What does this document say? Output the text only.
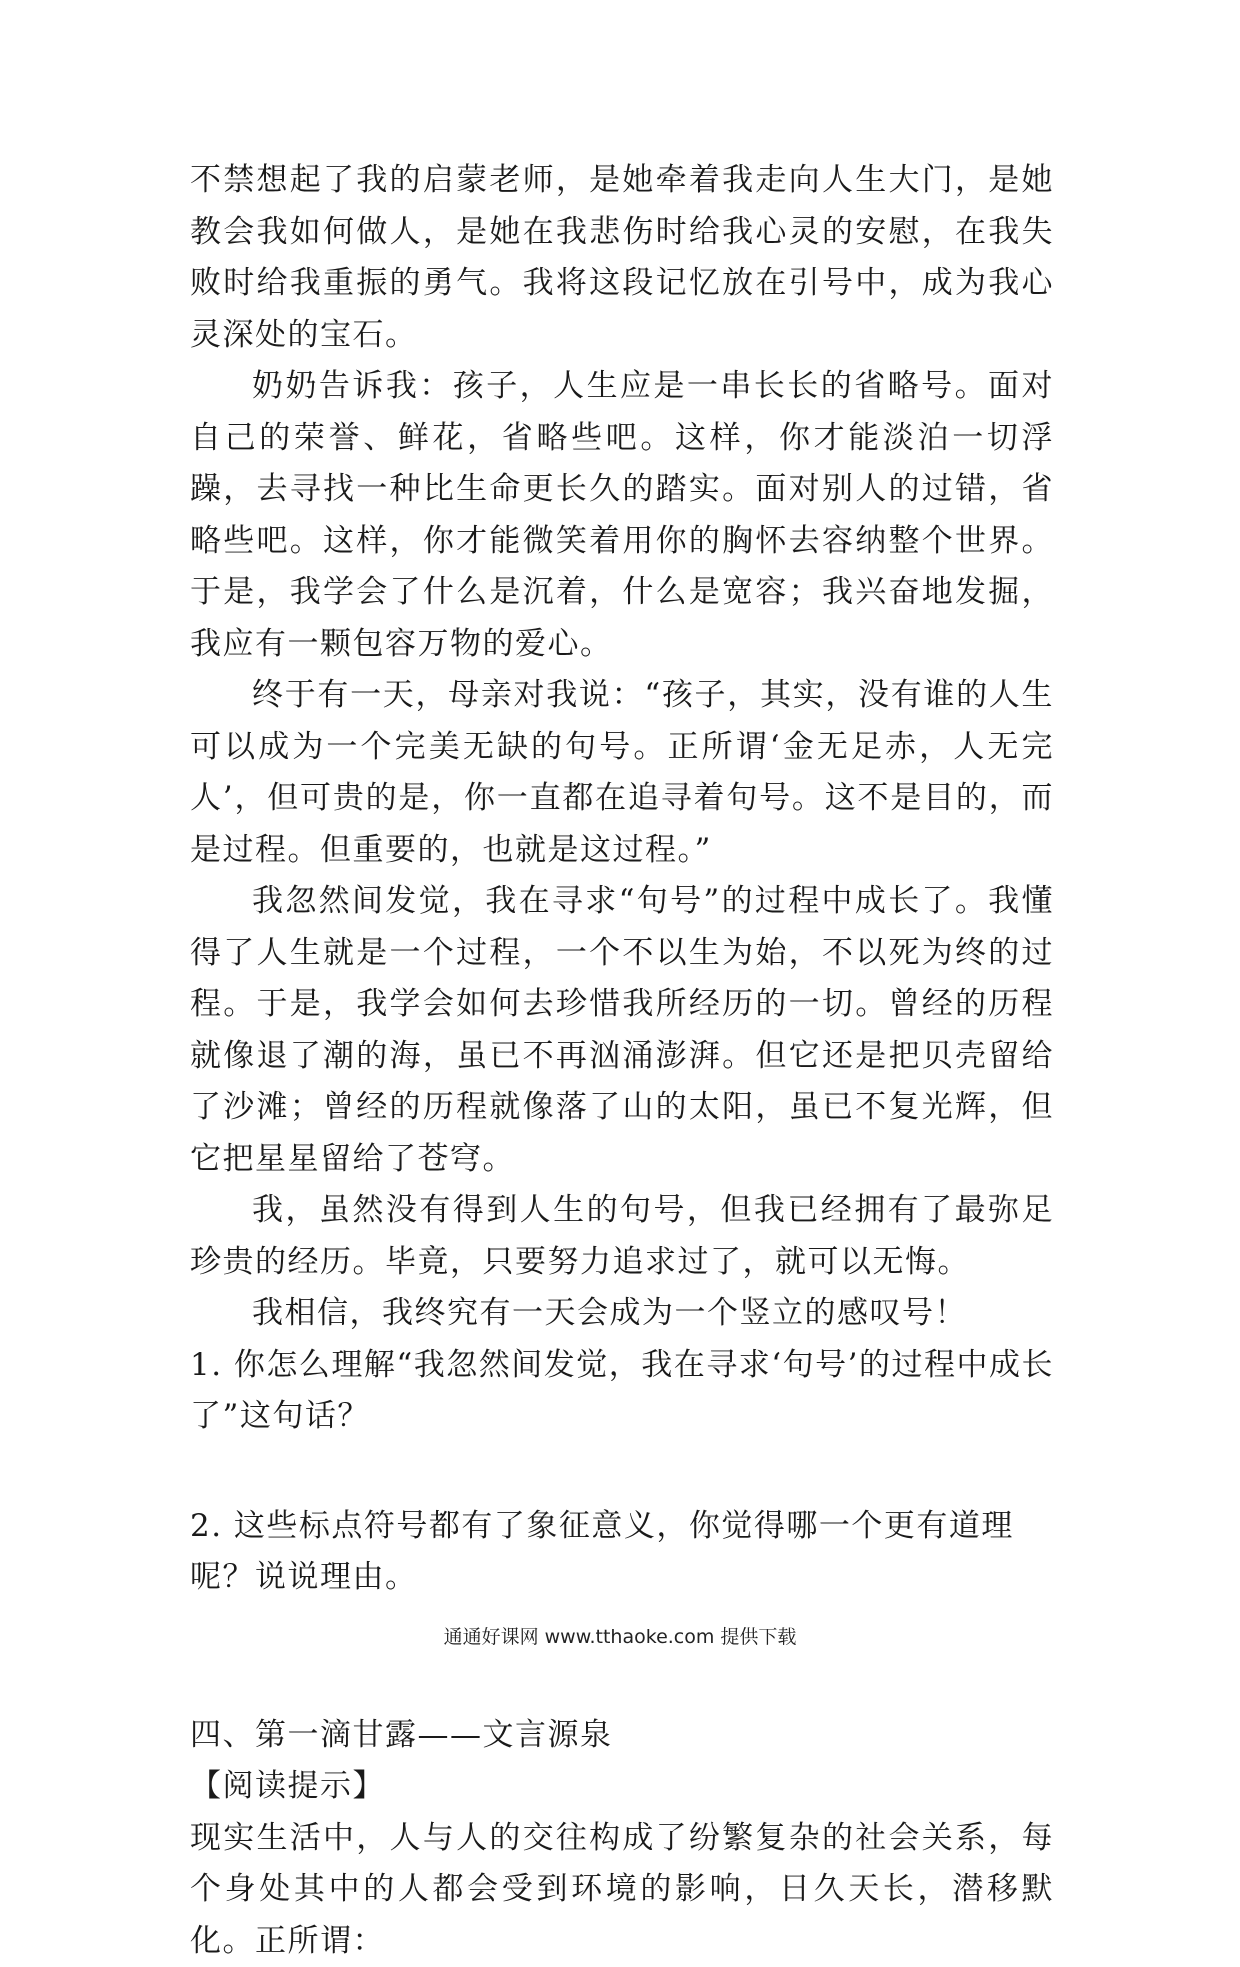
不禁想起了我的启蒙老师，是她牵着我走向人生大门，是她教会我如何做人，是她在我悲伤时给我心灵的安慰，在我失败时给我重振的勇气。我将这段记忆放在引号中，成为我心灵深处的宝石。

奶奶告诉我：孩子，人生应是一串长长的省略号。面对自己的荣誉、鲜花，省略些吧。这样，你才能淡泊一切浮躁，去寻找一种比生命更长久的踏实。面对别人的过错，省略些吧。这样，你才能微笑着用你的胸怀去容纳整个世界。于是，我学会了什么是沉着，什么是宽容；我兴奋地发掘，我应有一颗包容万物的爱心。

终于有一天，母亲对我说：“孩子，其实，没有谁的人生可以成为一个完美无缺的句号。正所谓‘金无足赤，人无完人’，但可贵的是，你一直都在追寻着句号。这不是目的，而是过程。但重要的，也就是这过程。”

我忽然间发觉，我在寻求“句号”的过程中成长了。我懂得了人生就是一个过程，一个不以生为始，不以死为终的过程。于是，我学会如何去珍惜我所经历的一切。曾经的历程就像退了潮的海，虽已不再汹涌澎湃。但它还是把贝壳留给了沙滩；曾经的历程就像落了山的太阳，虽已不复光辉，但它把星星留给了苍穹。

我，虽然没有得到人生的句号，但我已经拥有了最弥足珍贵的经历。毕竟，只要努力追求过了，就可以无悔。

我相信，我终究有一天会成为一个竖立的感叹号！

1. 你怎么理解“我忽然间发觉，我在寻求‘句号’的过程中成长了”这句话？

2. 这些标点符号都有了象征意义，你觉得哪一个更有道理呢？说说理由。

四、第一滴甘露——文言源泉

【阅读提示】

现实生活中，人与人的交往构成了纷繁复杂的社会关系，每个身处其中的人都会受到环境的影响，日久天长，潜移默化。正所谓：

通通好课网 www.tthaoke.com 提供下载
